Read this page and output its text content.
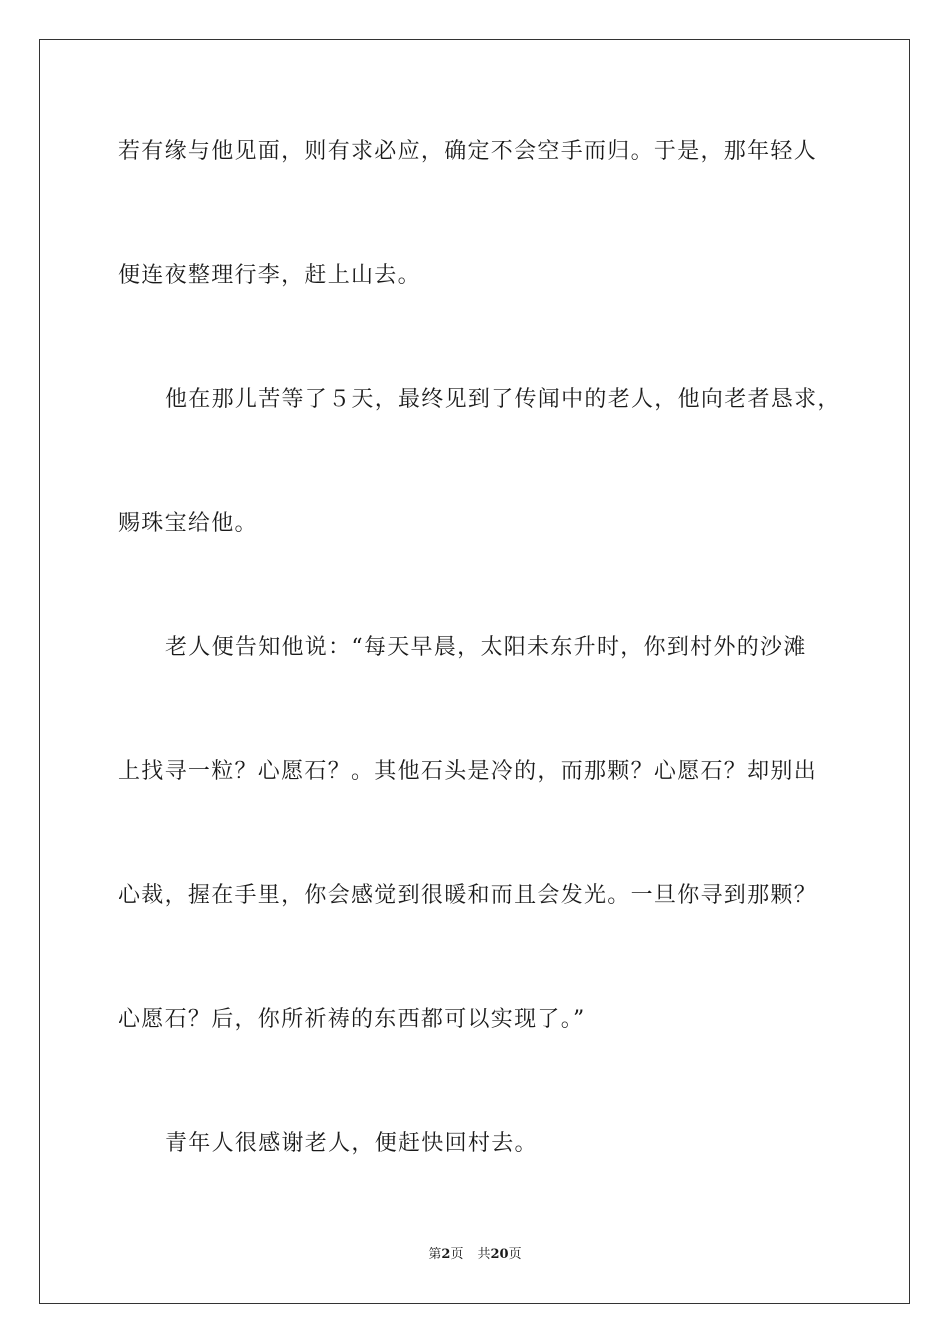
若有缘与他见面，则有求必应，确定不会空手而归。于是，那年轻人
便连夜整理行李，赶上山去。
他在那儿苦等了５天，最终见到了传闻中的老人，他向老者恳求，
赐珠宝给他。
老人便告知他说：“每天早晨，太阳未东升时，你到村外的沙滩
上找寻一粒？心愿石？。其他石头是冷的，而那颗？心愿石？却别出
心裁，握在手里，你会感觉到很暖和而且会发光。一旦你寻到那颗？
心愿石？后，你所祈祷的东西都可以实现了。”
青年人很感谢老人，便赶快回村去。
第2页 共20页
